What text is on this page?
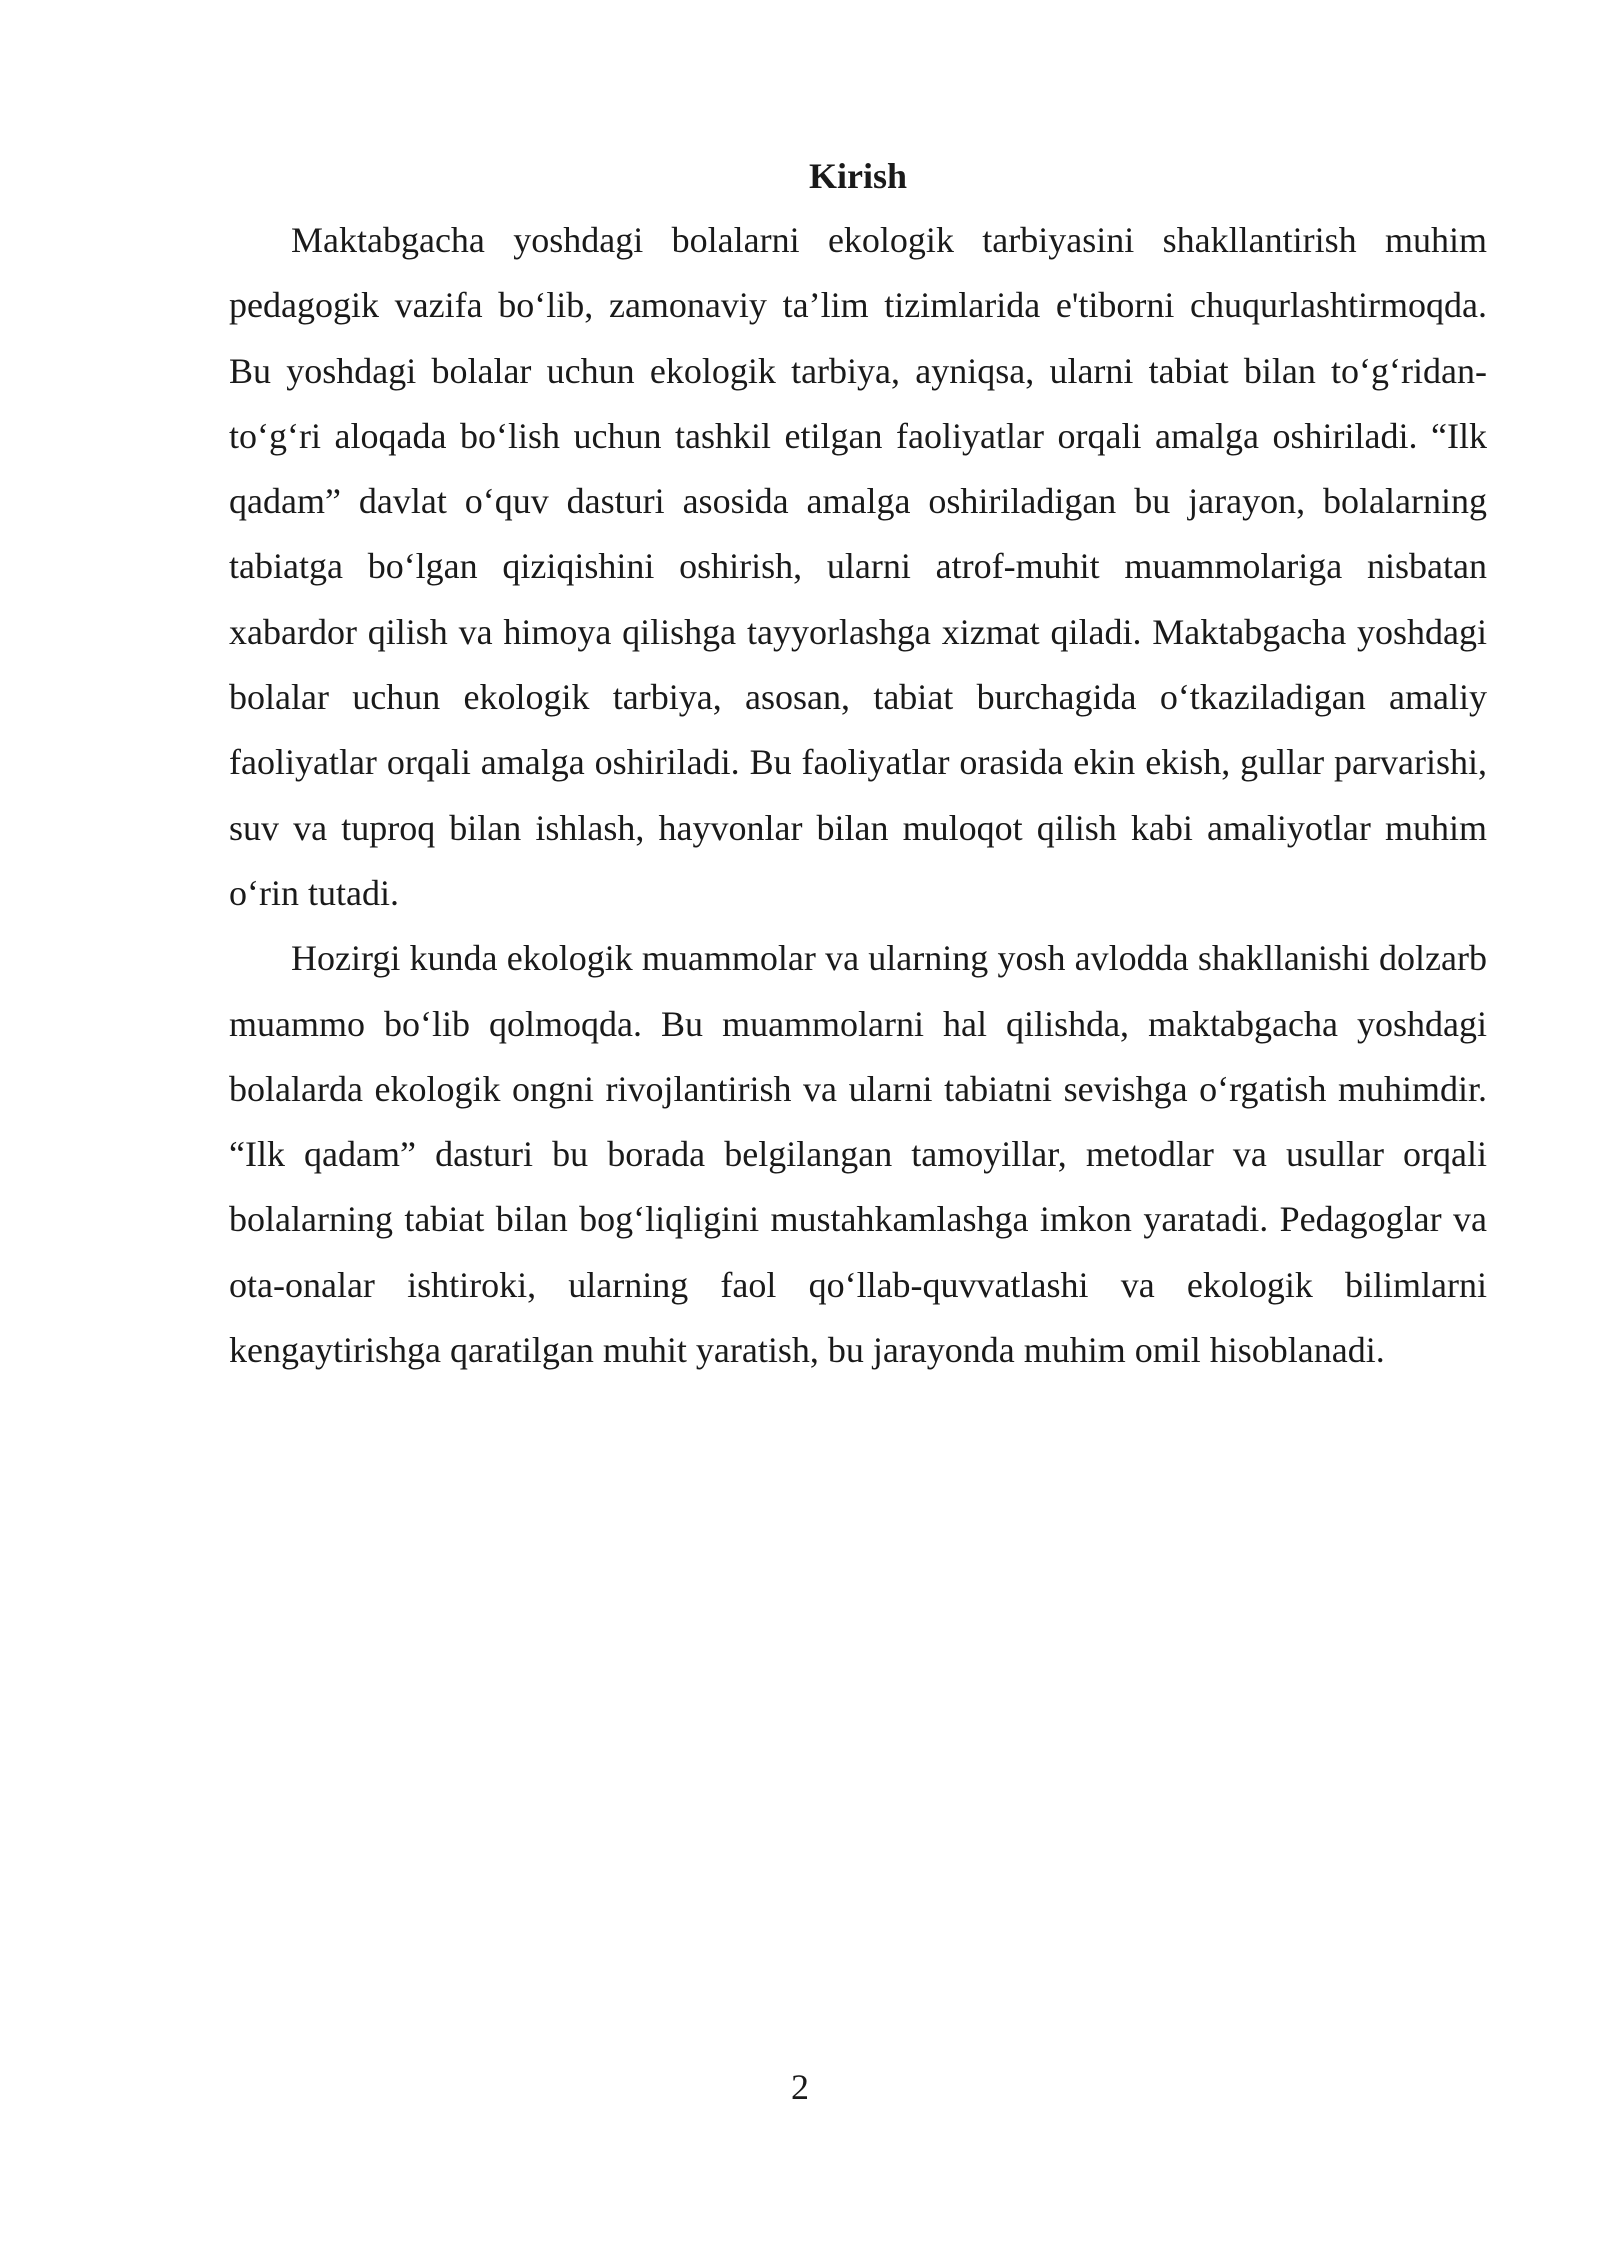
Kirish

Maktabgacha yoshdagi bolalarni ekologik tarbiyasini shakllantirish muhim pedagogik vazifa bo‘lib, zamonaviy ta’lim tizimlarida e'tiborni chuqurlashtirmoqda. Bu yoshdagi bolalar uchun ekologik tarbiya, ayniqsa, ularni tabiat bilan to‘g‘ridan-to‘g‘ri aloqada bo‘lish uchun tashkil etilgan faoliyatlar orqali amalga oshiriladi. “Ilk qadam” davlat o‘quv dasturi asosida amalga oshiriladigan bu jarayon, bolalarning tabiatga bo‘lgan qiziqishini oshirish, ularni atrof-muhit muammolariga nisbatan xabardor qilish va himoya qilishga tayyorlashga xizmat qiladi. Maktabgacha yoshdagi bolalar uchun ekologik tarbiya, asosan, tabiat burchagida o‘tkaziladigan amaliy faoliyatlar orqali amalga oshiriladi. Bu faoliyatlar orasida ekin ekish, gullar parvarishi, suv va tuproq bilan ishlash, hayvonlar bilan muloqot qilish kabi amaliyotlar muhim o‘rin tutadi.

Hozirgi kunda ekologik muammolar va ularning yosh avlodda shakllanishi dolzarb muammo bo‘lib qolmoqda. Bu muammolarni hal qilishda, maktabgacha yoshdagi bolalarda ekologik ongni rivojlantirish va ularni tabiatni sevishga o‘rgatish muhimdir. “Ilk qadam” dasturi bu borada belgilangan tamoyillar, metodlar va usullar orqali bolalarning tabiat bilan bog‘liqligini mustahkamlashga imkon yaratadi. Pedagoglar va ota-onalar ishtiroki, ularning faol qo‘llab-quvvatlashi va ekologik bilimlarni kengaytirishga qaratilgan muhit yaratish, bu jarayonda muhim omil hisoblanadi.

2
